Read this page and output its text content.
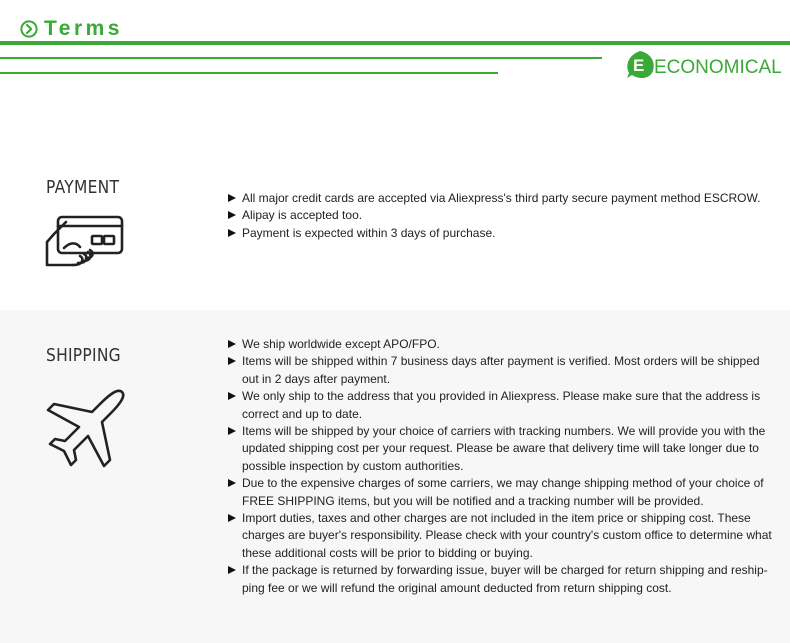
Terms
E ECONOMICAL
PAYMENT	All major credit cards are accepted via Aliexpress's third party secure payment method ESCROW.
Alipay is accepted too.
Payment is expected within 3 days of purchase.
SHIPPING
We ship worldwide except APO/FPO.
Items will be shipped within 7 business days after payment is verified. Most orders will be shipped out in 2 days after payment.
We only ship to the address that you provided in Aliexpress. Please make sure that the address is correct and up to date.
Items will be shipped by your choice of carriers with tracking numbers. We will provide you with the updated shipping cost per your request. Please be aware that delivery time will take longer due to possible inspection by custom authorities.
Due to the expensive charges of some carriers, we may change shipping method of your choice of FREE SHIPPING items, but you will be notified and a tracking number will be provided.
Import duties, taxes and other charges are not included in the item price or shipping cost. These charges are buyer's responsibility. Please check with your country's custom office to determine what these additional costs will be prior to bidding or buying.
If the package is returned by forwarding issue, buyer will be charged for return shipping and reship-ping fee or we will refund the original amount deducted from return shipping cost.
